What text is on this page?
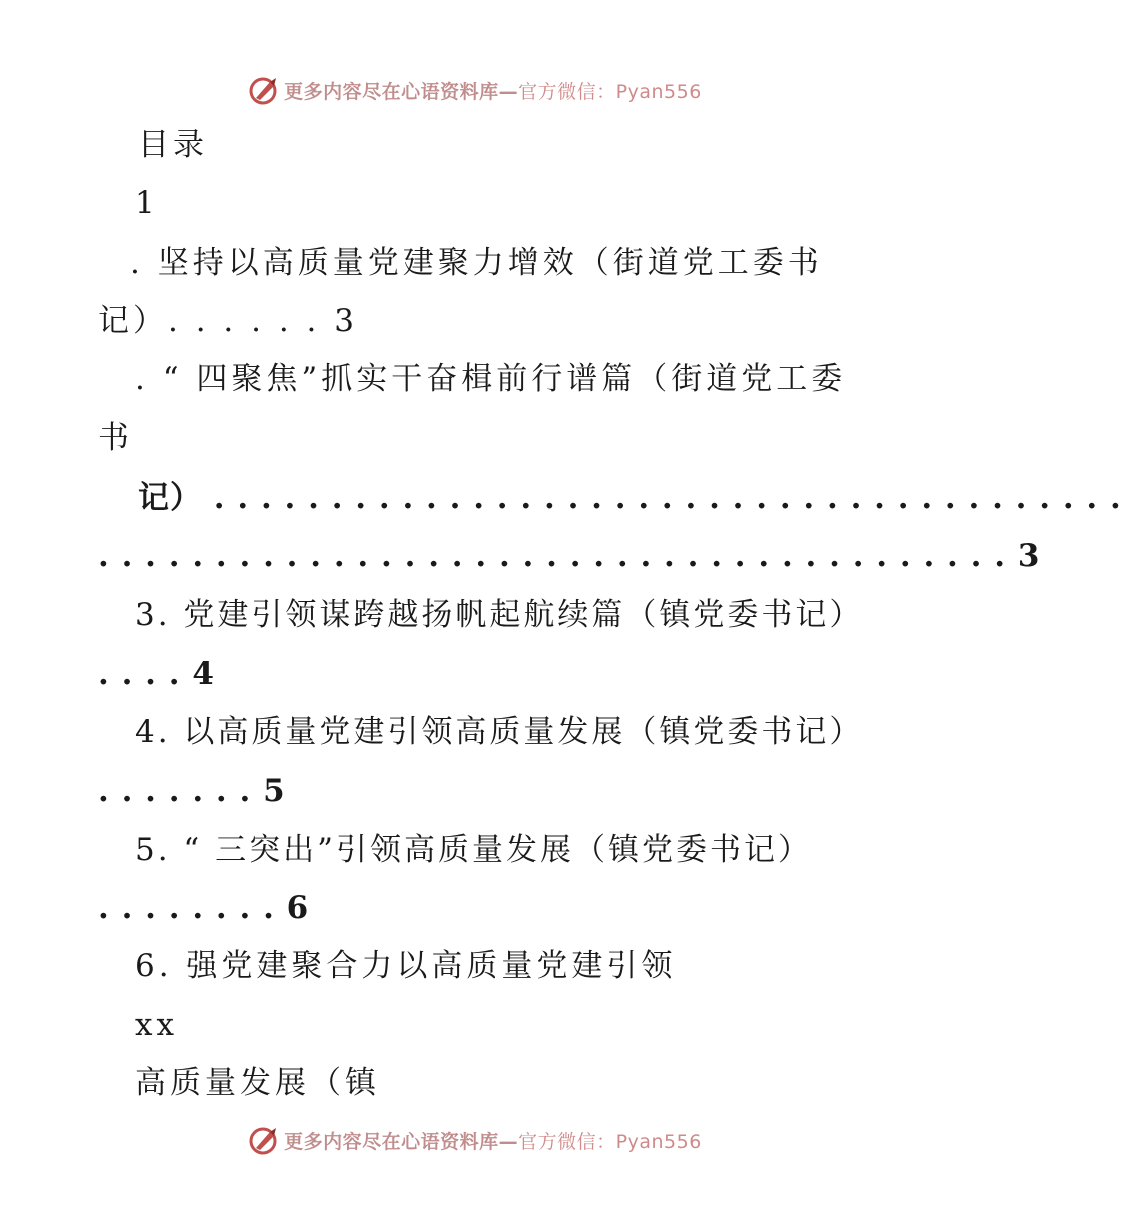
更多内容尽在心语资料库— 官方微信：Pyan556
目录
1
. 坚持以高质量党建聚力增效（街道党工委书
记）. . . . . . 3
. “ 四聚焦”抓实干奋楫前行谱篇（街道党工委
书
记） . . . . . . . . . . . . . . . . . . . . . . . . . . . . . . . . . . . . . . .
. . . . . . . . . . . . . . . . . . . . . . . . . . . . . . . . . . . . . . . 3
3. 党建引领谋跨越扬帆起航续篇（镇党委书记）
. . . . 4
4. 以高质量党建引领高质量发展（镇党委书记）
. . . . . . . 5
5. “ 三突出”引领高质量发展（镇党委书记）
. . . . . . . . 6
6. 强党建聚合力以高质量党建引领
xx
高质量发展（镇
更多内容尽在心语资料库— 官方微信：Pyan556
